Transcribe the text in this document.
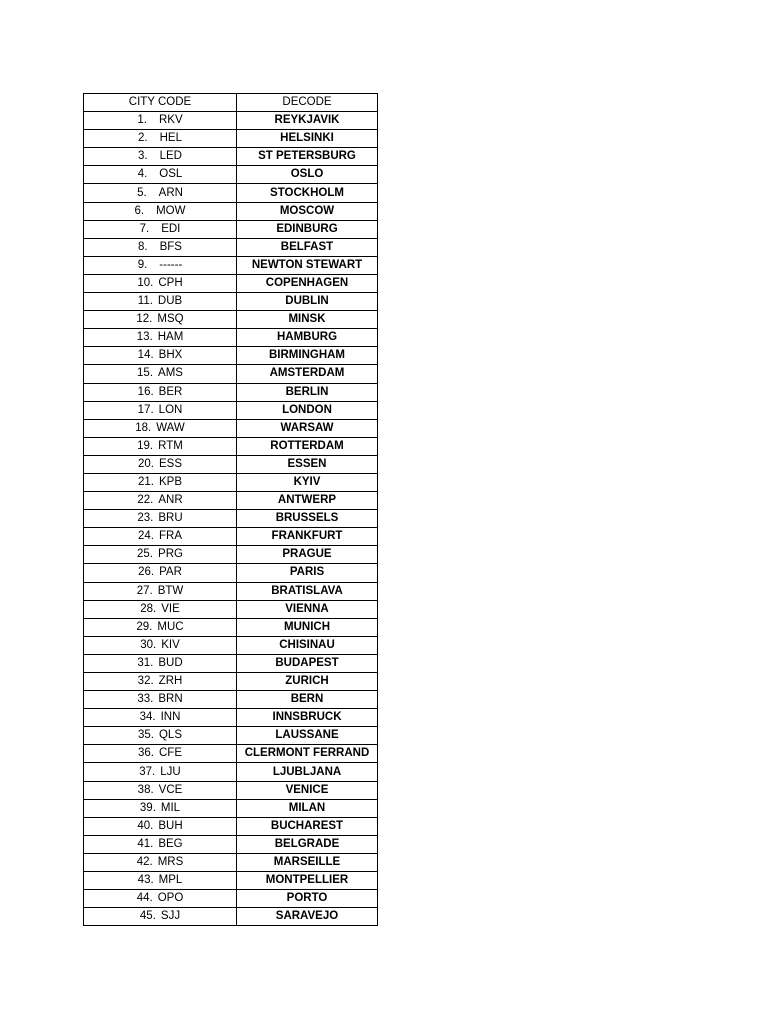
CITY CODE	DECODE
1. RKV	REYKJAVIK
2. HEL	HELSINKI
3. LED	ST PETERSBURG
4. OSL	OSLO
5. ARN	STOCKHOLM
6. MOW	MOSCOW
7. EDI	EDINBURG
8. BFS	BELFAST
9. ------	NEWTON STEWART
10. CPH	COPENHAGEN
11. DUB	DUBLIN
12. MSQ	MINSK
13. HAM	HAMBURG
14. BHX	BIRMINGHAM
15. AMS	AMSTERDAM
16. BER	BERLIN
17. LON	LONDON
18. WAW	WARSAW
19. RTM	ROTTERDAM
20. ESS	ESSEN
21. KPB	KYIV
22. ANR	ANTWERP
23. BRU	BRUSSELS
24. FRA	FRANKFURT
25. PRG	PRAGUE
26. PAR	PARIS
27. BTW	BRATISLAVA
28. VIE	VIENNA
29. MUC	MUNICH
30. KIV	CHISINAU
31. BUD	BUDAPEST
32. ZRH	ZURICH
33. BRN	BERN
34. INN	INNSBRUCK
35. QLS	LAUSSANE
36. CFE	CLERMONT FERRAND
37. LJU	LJUBLJANA
38. VCE	VENICE
39. MIL	MILAN
40. BUH	BUCHAREST
41. BEG	BELGRADE
42. MRS	MARSEILLE
43. MPL	MONTPELLIER
44. OPO	PORTO
45. SJJ	SARAVEJO
